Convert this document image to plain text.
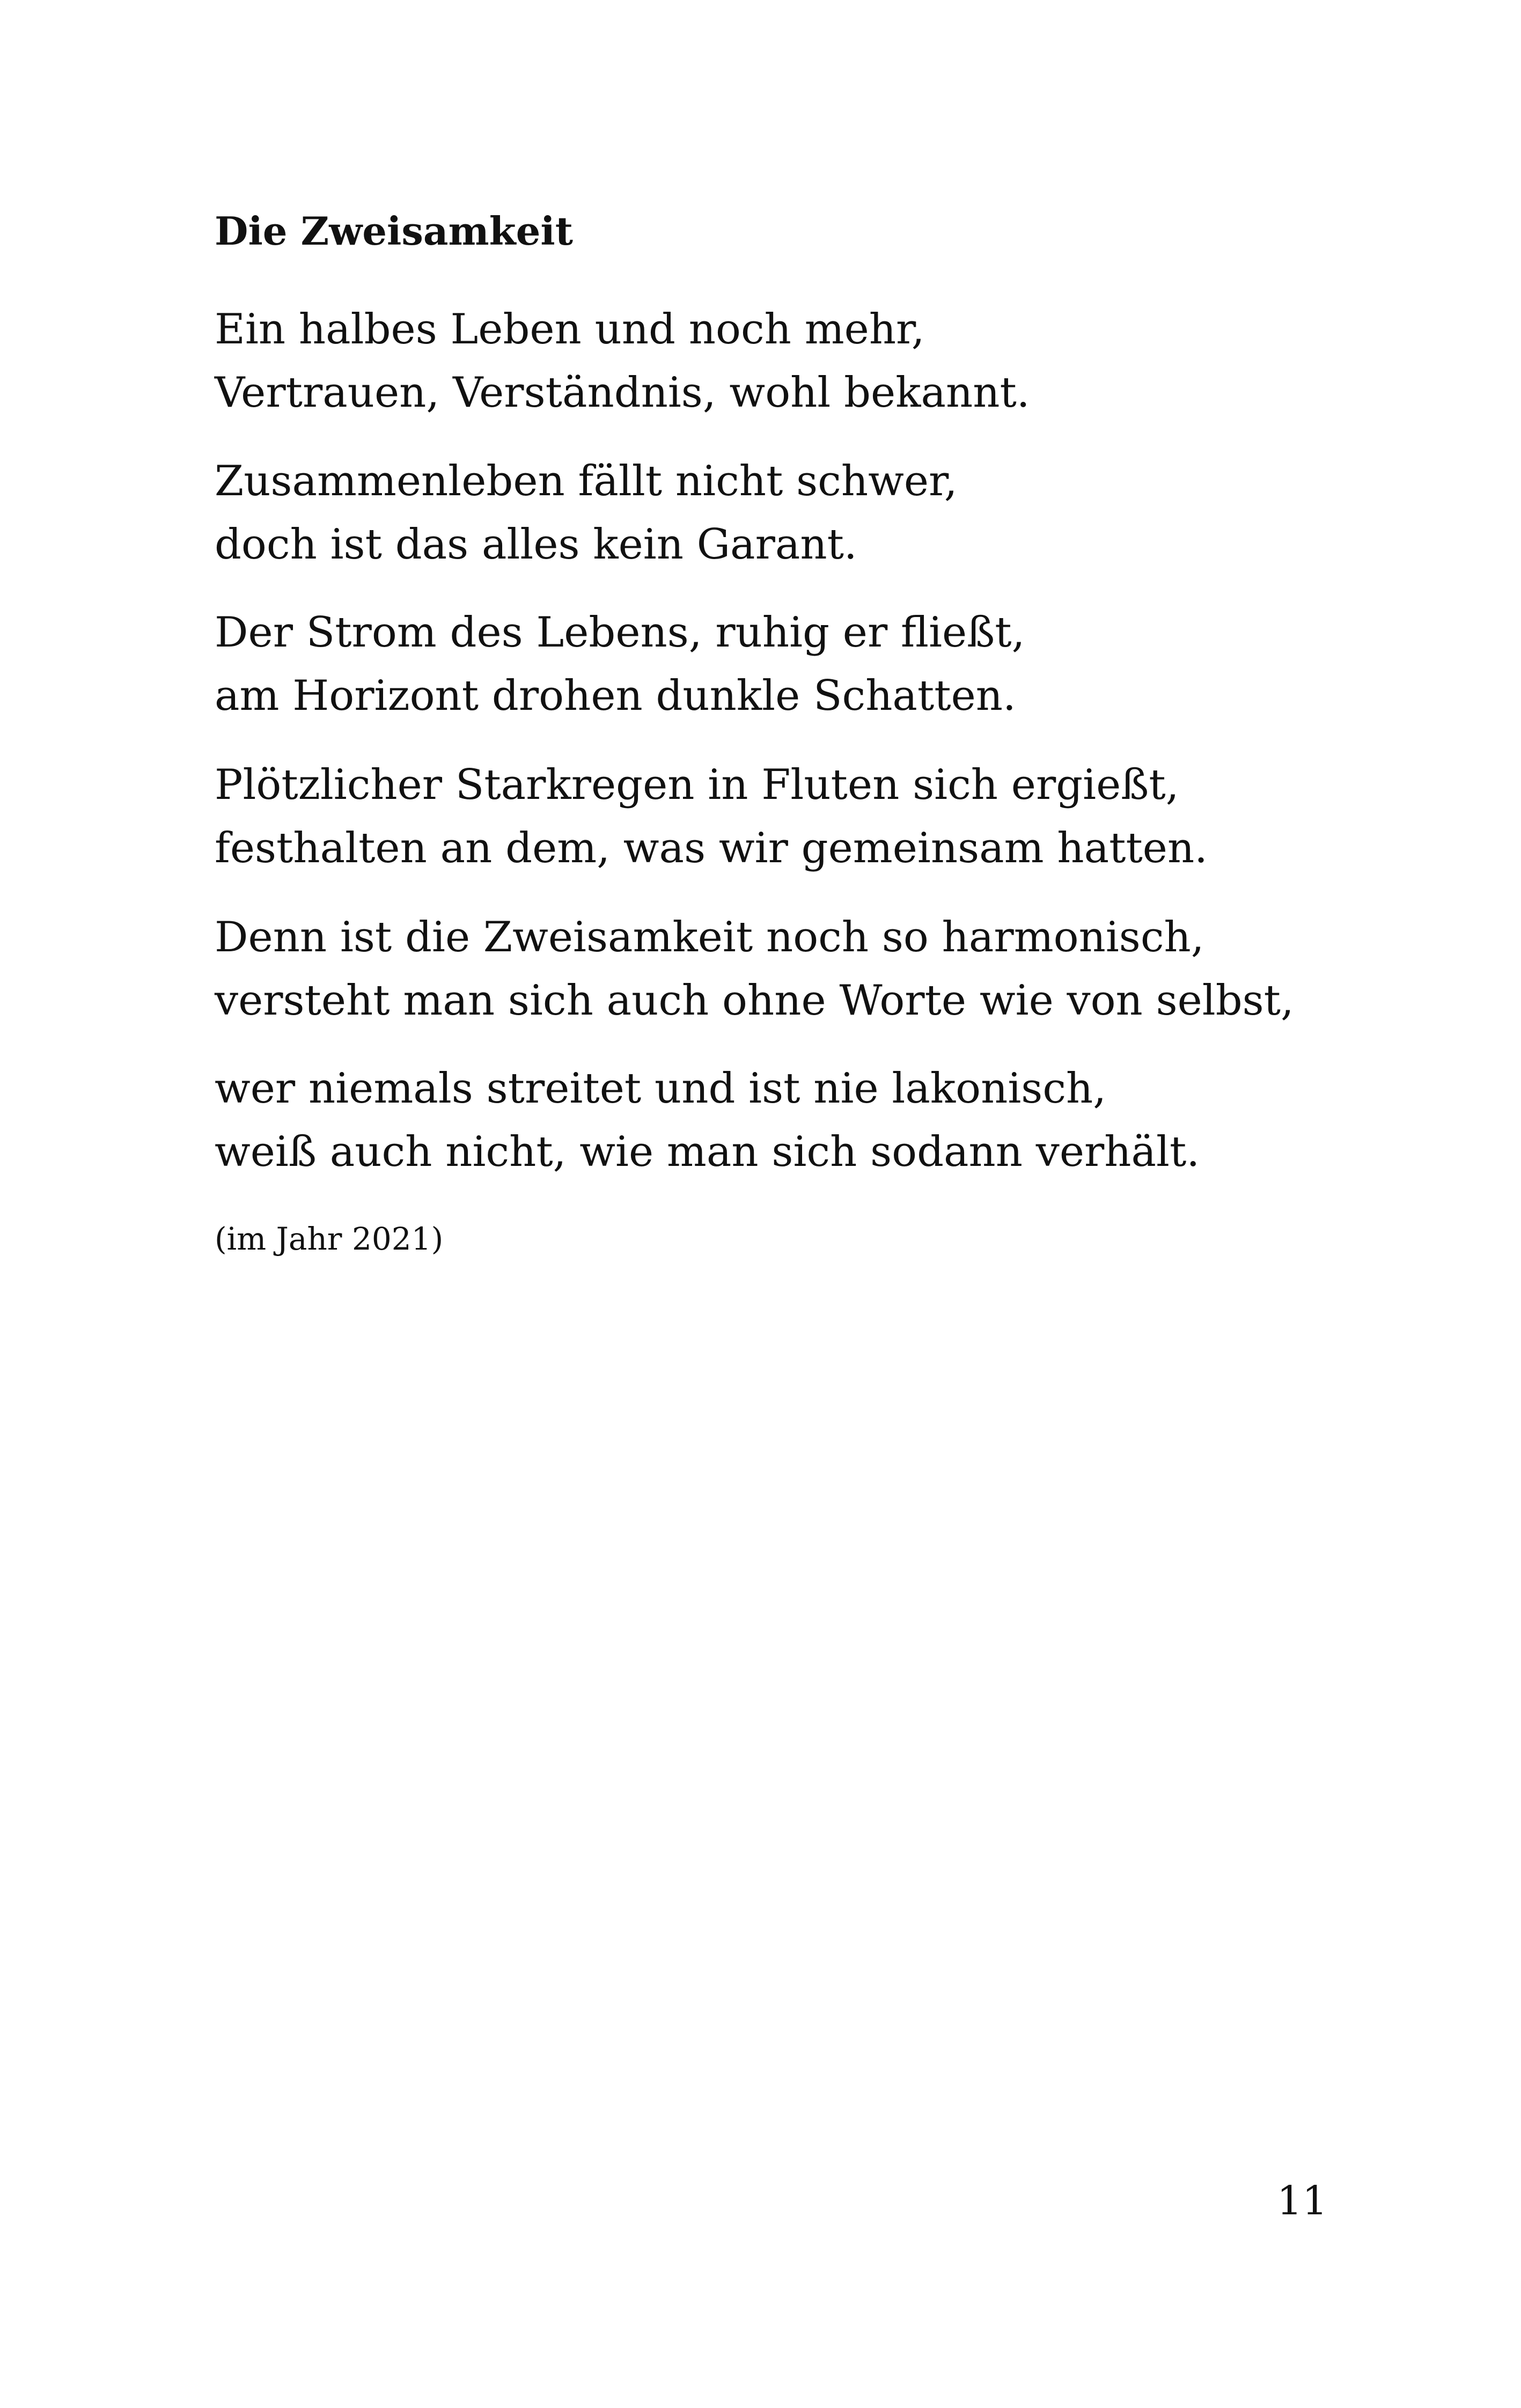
Die Zweisamkeit
Ein halbes Leben und noch mehr,
Vertrauen, Verständnis, wohl bekannt.
Zusammenleben fällt nicht schwer,
doch ist das alles kein Garant.
Der Strom des Lebens, ruhig er fließt,
am Horizont drohen dunkle Schatten.
Plötzlicher Starkregen in Fluten sich ergießt,
festhalten an dem, was wir gemeinsam hatten.
Denn ist die Zweisamkeit noch so harmonisch,
versteht man sich auch ohne Worte wie von selbst,
wer niemals streitet und ist nie lakonisch,
weiß auch nicht, wie man sich sodann verhält.
(im Jahr 2021)
11
